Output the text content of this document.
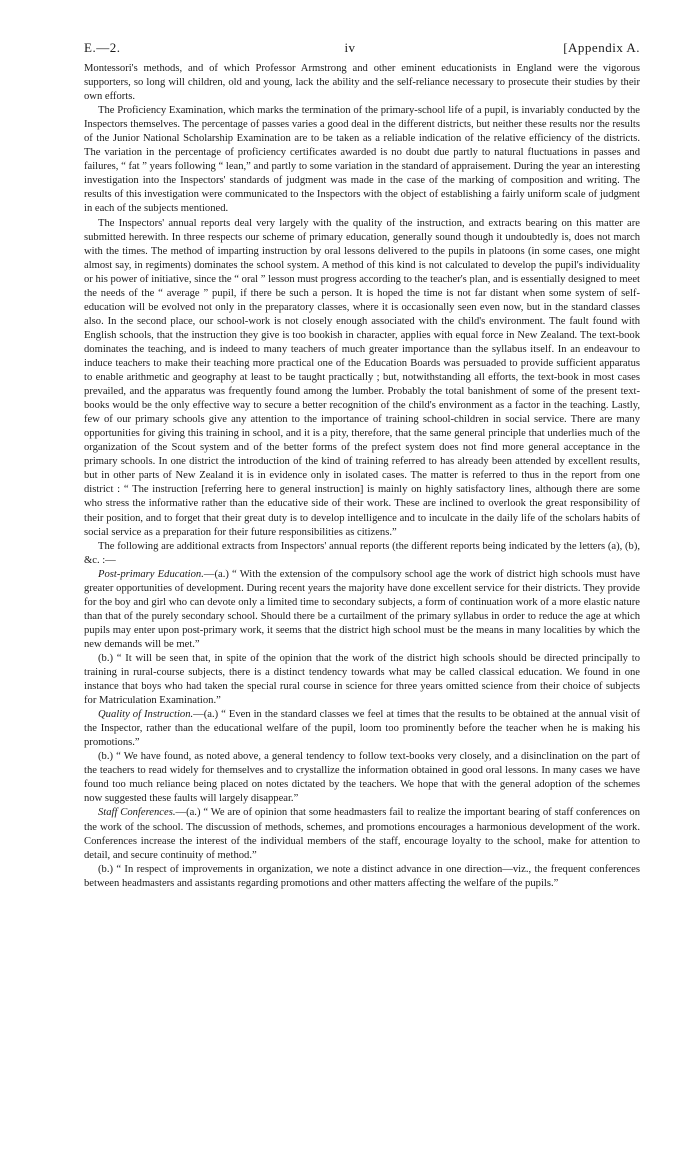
E.—2.	iv	[Appendix A.

Montessori's methods, and of which Professor Armstrong and other eminent educationists in England were the vigorous supporters, so long will children, old and young, lack the ability and the self-reliance necessary to prosecute their studies by their own efforts.

The Proficiency Examination, which marks the termination of the primary-school life of a pupil, is invariably conducted by the Inspectors themselves. The percentage of passes varies a good deal in the different districts, but neither these results nor the results of the Junior National Scholarship Examination are to be taken as a reliable indication of the relative efficiency of the districts. The variation in the percentage of proficiency certificates awarded is no doubt due partly to natural fluctuations in passes and failures, “ fat ” years following “ lean,” and partly to some variation in the standard of appraisement. During the year an interesting investigation into the Inspectors' standards of judgment was made in the case of the marking of composition and writing. The results of this investigation were communicated to the Inspectors with the object of establishing a fairly uniform scale of judgment in each of the subjects mentioned.

The Inspectors' annual reports deal very largely with the quality of the instruction, and extracts bearing on this matter are submitted herewith. In three respects our scheme of primary education, generally sound though it undoubtedly is, does not march with the times. The method of imparting instruction by oral lessons delivered to the pupils in platoons (in some cases, one might almost say, in regiments) dominates the school system. A method of this kind is not calculated to develop the pupil's individuality or his power of initiative, since the “ oral ” lesson must progress according to the teacher's plan, and is essentially designed to meet the needs of the “ average ” pupil, if there be such a person. It is hoped the time is not far distant when some system of self-education will be evolved not only in the preparatory classes, where it is occasionally seen even now, but in the standard classes also. In the second place, our school-work is not closely enough associated with the child's environment. The fault found with English schools, that the instruction they give is too bookish in character, applies with equal force in New Zealand. The text-book dominates the teaching, and is indeed to many teachers of much greater importance than the syllabus itself. In an endeavour to induce teachers to make their teaching more practical one of the Education Boards was persuaded to provide sufficient apparatus to enable arithmetic and geography at least to be taught practically ; but, notwithstanding all efforts, the text-book in most cases prevailed, and the apparatus was frequently found among the lumber. Probably the total banishment of some of the present text-books would be the only effective way to secure a better recognition of the child's environment as a factor in the teaching. Lastly, few of our primary schools give any attention to the importance of training school-children in social service. There are many opportunities for giving this training in school, and it is a pity, therefore, that the same general principle that underlies much of the organization of the Scout system and of the better forms of the prefect system does not find more general acceptance in the primary schools. In one district the introduction of the kind of training referred to has already been attended by excellent results, but in other parts of New Zealand it is in evidence only in isolated cases. The matter is referred to thus in the report from one district : “ The instruction [referring here to general instruction] is mainly on highly satisfactory lines, although there are some who stress the informative rather than the educative side of their work. These are inclined to overlook the great responsibility of their position, and to forget that their great duty is to develop intelligence and to inculcate in the daily life of the scholars habits of social service as a preparation for their future responsibilities as citizens.”

The following are additional extracts from Inspectors' annual reports (the different reports being indicated by the letters (a), (b), &c. :—

Post-primary Education.—(a.) “ With the extension of the compulsory school age the work of district high schools must have greater opportunities of development. During recent years the majority have done excellent service for their districts. They provide for the boy and girl who can devote only a limited time to secondary subjects, a form of continuation work of a more elastic nature than that of the purely secondary school. Should there be a curtailment of the primary syllabus in order to reduce the age at which pupils may enter upon post-primary work, it seems that the district high school must be the means in many localities by which the new demands will be met.”

(b.) “ It will be seen that, in spite of the opinion that the work of the district high schools should be directed principally to training in rural-course subjects, there is a distinct tendency towards what may be called classical education. We found in one instance that boys who had taken the special rural course in science for three years omitted science from their choice of subjects for Matriculation Examination.”

Quality of Instruction.—(a.) “ Even in the standard classes we feel at times that the results to be obtained at the annual visit of the Inspector, rather than the educational welfare of the pupil, loom too prominently before the teacher when he is making his promotions.”

(b.) “ We have found, as noted above, a general tendency to follow text-books very closely, and a disinclination on the part of the teachers to read widely for themselves and to crystallize the information obtained in good oral lessons. In many cases we have found too much reliance being placed on notes dictated by the teachers. We hope that with the general adoption of the schemes now suggested these faults will largely disappear.”

Staff Conferences.—(a.) “ We are of opinion that some headmasters fail to realize the important bearing of staff conferences on the work of the school. The discussion of methods, schemes, and promotions encourages a harmonious development of the work. Conferences increase the interest of the individual members of the staff, encourage loyalty to the school, make for attention to detail, and secure continuity of method.”

(b.) “ In respect of improvements in organization, we note a distinct advance in one direction—viz., the frequent conferences between headmasters and assistants regarding promotions and other matters affecting the welfare of the pupils.”
